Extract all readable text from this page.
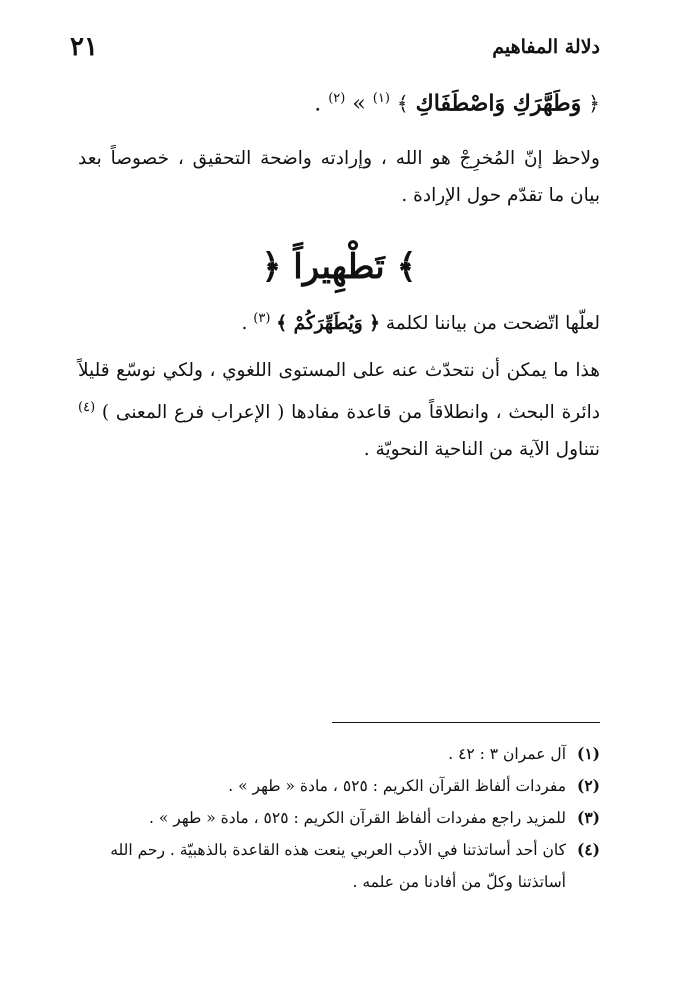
٢١	دلالة المفاهيم
﴿ وَطَهَّرَكِ وَاصْطَفَاكِ ﴾ $^{(١)}$ » $^{(٢)}$ .

ولاحظ إنّ المُخرِجْ هو الله ، وإرادته واضحة التحقيق ، خصوصاً بعد بيان ما تقدّم حول الإرادة .

﴿ تَطْهِيراً ﴾

لعلّها اتّضحت من بياننا لكلمة ﴿ وَيُطَهِّرَكُمْ ﴾ $^{(٣)}$ .

هذا ما يمكن أن نتحدّث عنه على المستوى اللغوي ، ولكي نوسّع قليلاً دائرة البحث ، وانطلاقاً من قاعدة مفادها ( الإعراب فرع المعنى ) $^{(٤)}$ نتناول الآية من الناحية النحويّة .

(١)
آل عمران ٣ : ٤٢ .
(٢)
مفردات ألفاظ القرآن الكريم : ٥٢٥ ، مادة « طهر » .
(٣)
للمزيد راجع مفردات ألفاظ القرآن الكريم : ٥٢٥ ، مادة « طهر » .
(٤)
كان أحد أساتذتنا في الأدب العربي ينعت هذه القاعدة بالذهبيّة . رحم الله أساتذتنا وكلّ من أفادنا من علمه .
